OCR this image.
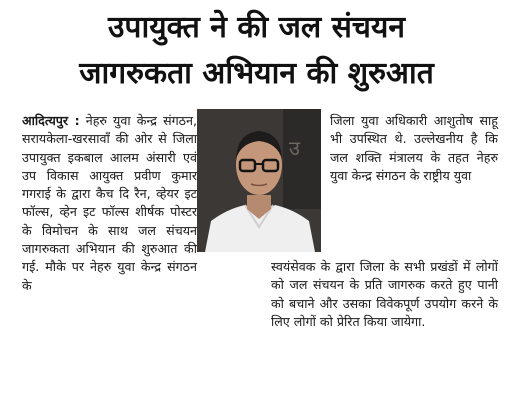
उपायुक्त ने की जल संचयन
जागरुकता अभियान की शुरुआत
आदित्यपुर : नेहरु युवा केन्द्र संगठन, सरायकेला-खरसावाँ की ओर से जिला उपायुक्त इकबाल आलम अंसारी एवं उप विकास आयुक्त प्रवीण कुमार गगराई के द्वारा कैच दि रैन, व्हेयर इट फॉल्स, व्हेन इट फॉल्स शीर्षक पोस्टर के विमोचन के साथ जल संचयन जागरुकता अभियान की शुरुआत की गई. मौके पर नेहरु युवा केन्द्र संगठन के
उ
जिला युवा अधिकारी आशुतोष साहू भी उपस्थित थे. उल्लेखनीय है कि जल शक्ति मंत्रालय के तहत नेहरु युवा केन्द्र संगठन के राष्ट्रीय युवा
स्वयंसेवक के द्वारा जिला के सभी प्रखंडों में लोगों को जल संचयन के प्रति जागरुक करते हुए पानी को बचाने और उसका विवेकपूर्ण उपयोग करने के लिए लोगों को प्रेरित किया जायेगा.
